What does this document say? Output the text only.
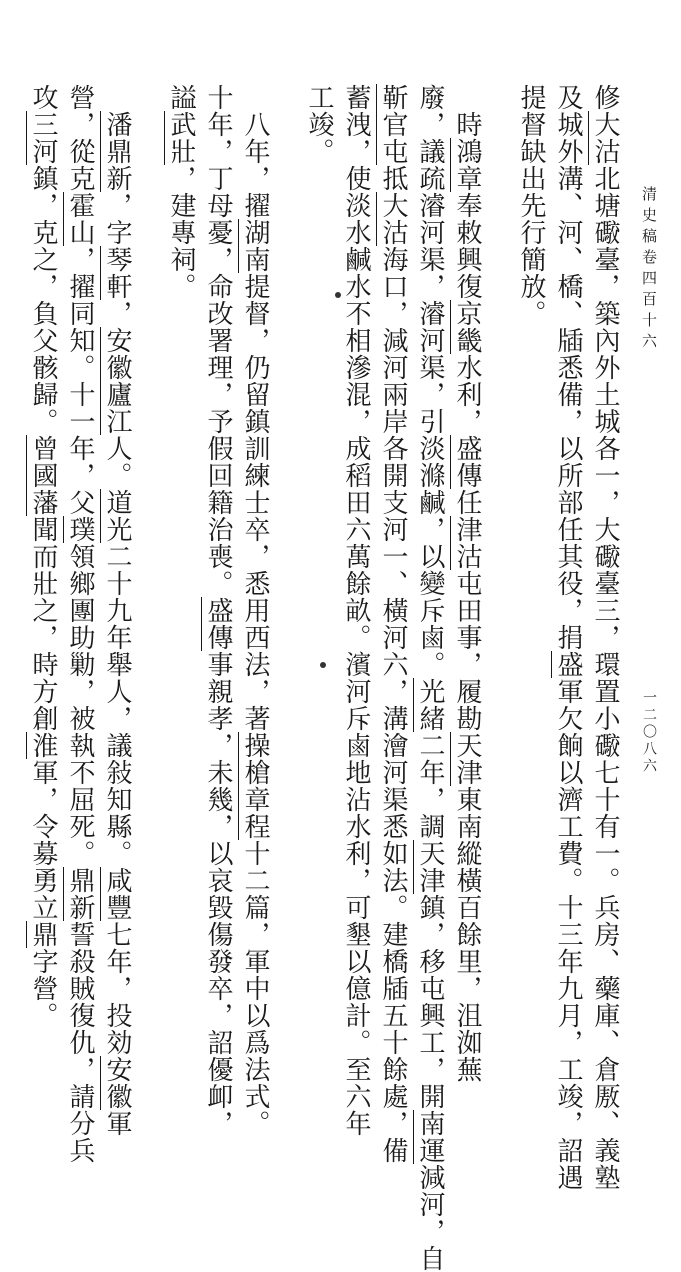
清史稿卷四百十六
一二〇八六
修大沽北塘礮臺，築內外土城各一，大礮臺三，環置小礮七十有一。兵房、藥庫、倉厫、義塾
及城外溝、河、橋、牐悉備，以所部任其役，捐盛軍欠餉以濟工費。十三年九月，工竣，詔遇
提督缺出先行簡放。
　時鴻章奉敕興復京畿水利，盛傳任津沽屯田事，履勘天津東南縱橫百餘里，沮洳蕪
廢，議疏濬河渠，濬河渠，引淡滌鹹，以變斥鹵。光緒二年，調天津鎮，移屯興工，開南運減河，自
靳官屯抵大沽海口，減河兩岸各開支河一、橫河六，溝澮河渠悉如法。建橋牐五十餘處，備
蓄洩，使淡水鹹水不相滲混，成稻田六萬餘畝。濱河斥鹵地沾水利，可墾以億計。至六年
工竣。
　八年，擢湖南提督，仍留鎮訓練士卒，悉用西法，著操槍章程十二篇，軍中以爲法式。
十年，丁母憂，命改署理，予假回籍治喪。盛傳事親孝，未幾，以哀毀傷發卒，詔優卹，
謚武壯，建專祠。
　潘鼎新，字琴軒，安徽廬江人。道光二十九年舉人，議敍知縣。咸豐七年，投効安徽軍
營，從克霍山，擢同知。十一年，父璞領鄉團助勦，被執不屈死。鼎新誓殺賊復仇，請分兵
攻三河鎮，克之，負父骸歸。曾國藩聞而壯之，時方創淮軍，令募勇立鼎字營。
